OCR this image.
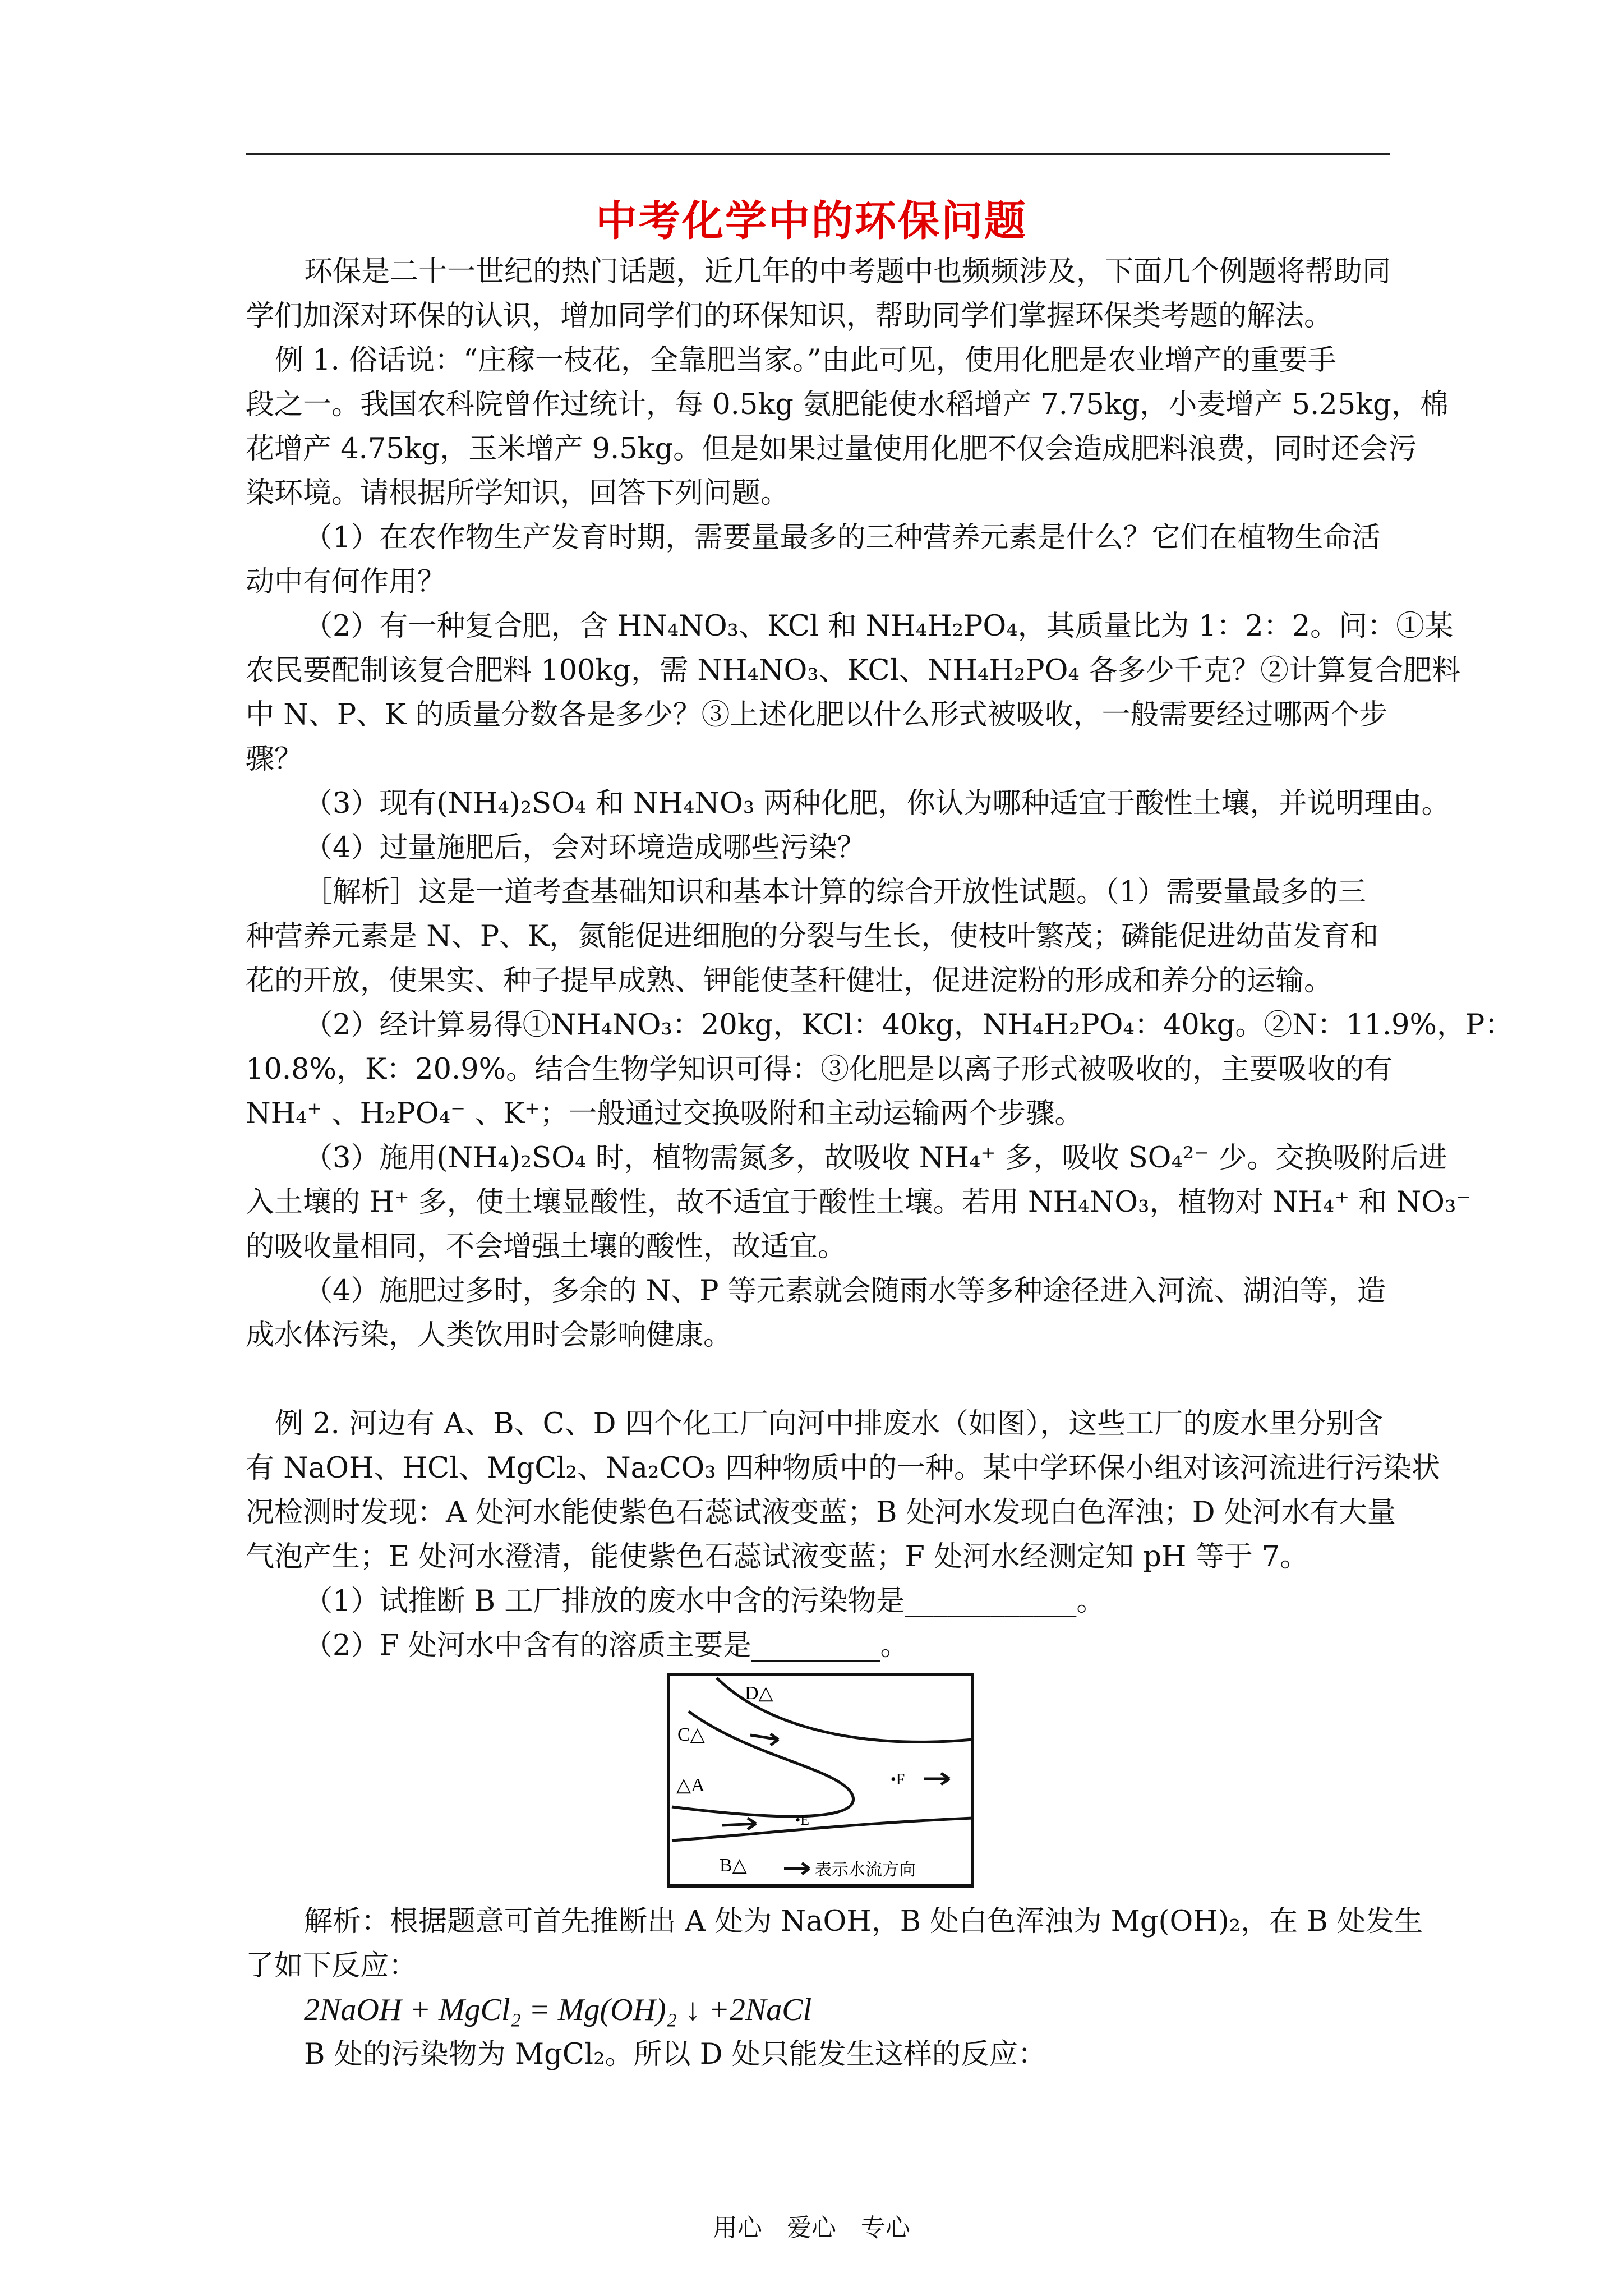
中考化学中的环保问题
环保是二十一世纪的热门话题，近几年的中考题中也频频涉及，下面几个例题将帮助同
学们加深对环保的认识，增加同学们的环保知识，帮助同学们掌握环保类考题的解法。
例 1. 俗话说：“庄稼一枝花，全靠肥当家。”由此可见，使用化肥是农业增产的重要手
段之一。我国农科院曾作过统计，每 0.5kg 氨肥能使水稻增产 7.75kg，小麦增产 5.25kg，棉
花增产 4.75kg，玉米增产 9.5kg。但是如果过量使用化肥不仅会造成肥料浪费，同时还会污
染环境。请根据所学知识，回答下列问题。
（1）在农作物生产发育时期，需要量最多的三种营养元素是什么？它们在植物生命活
动中有何作用？
（2）有一种复合肥，含 HN₄NO₃、KCl 和 NH₄H₂PO₄，其质量比为 1：2：2。问：①某
农民要配制该复合肥料 100kg，需 NH₄NO₃、KCl、NH₄H₂PO₄ 各多少千克？②计算复合肥料
中 N、P、K 的质量分数各是多少？③上述化肥以什么形式被吸收，一般需要经过哪两个步
骤？
（3）现有(NH₄)₂SO₄ 和 NH₄NO₃ 两种化肥，你认为哪种适宜于酸性土壤，并说明理由。
（4）过量施肥后，会对环境造成哪些污染？
［解析］这是一道考查基础知识和基本计算的综合开放性试题。（1）需要量最多的三
种营养元素是 N、P、K，氮能促进细胞的分裂与生长，使枝叶繁茂；磷能促进幼苗发育和
花的开放，使果实、种子提早成熟、钾能使茎秆健壮，促进淀粉的形成和养分的运输。
（2）经计算易得①NH₄NO₃：20kg，KCl：40kg，NH₄H₂PO₄：40kg。②N：11.9%，P：
10.8%，K：20.9%。结合生物学知识可得：③化肥是以离子形式被吸收的，主要吸收的有
NH₄⁺ 、H₂PO₄⁻ 、K⁺；一般通过交换吸附和主动运输两个步骤。
（3）施用(NH₄)₂SO₄ 时，植物需氮多，故吸收 NH₄⁺ 多，吸收 SO₄²⁻ 少。交换吸附后进
入土壤的 H⁺ 多，使土壤显酸性，故不适宜于酸性土壤。若用 NH₄NO₃，植物对 NH₄⁺ 和 NO₃⁻
的吸收量相同，不会增强土壤的酸性，故适宜。
（4）施肥过多时，多余的 N、P 等元素就会随雨水等多种途径进入河流、湖泊等，造
成水体污染，人类饮用时会影响健康。
例 2. 河边有 A、B、C、D 四个化工厂向河中排废水（如图），这些工厂的废水里分别含
有 NaOH、HCl、MgCl₂、Na₂CO₃ 四种物质中的一种。某中学环保小组对该河流进行污染状
况检测时发现：A 处河水能使紫色石蕊试液变蓝；B 处河水发现白色浑浊；D 处河水有大量
气泡产生；E 处河水澄清，能使紫色石蕊试液变蓝；F 处河水经测定知 pH 等于 7。
（1）试推断 B 工厂排放的废水中含的污染物是____________。
（2）F 处河水中含有的溶质主要是_________。
D△
C△
△A	•F
•E
B△	表示水流方向
解析：根据题意可首先推断出 A 处为 NaOH，B 处白色浑浊为 Mg(OH)₂，在 B 处发生
了如下反应：
2NaOH + MgCl₂ = Mg(OH)₂ ↓ +2NaCl
B 处的污染物为 MgCl₂。所以 D 处只能发生这样的反应：
用心　爱心　专心
